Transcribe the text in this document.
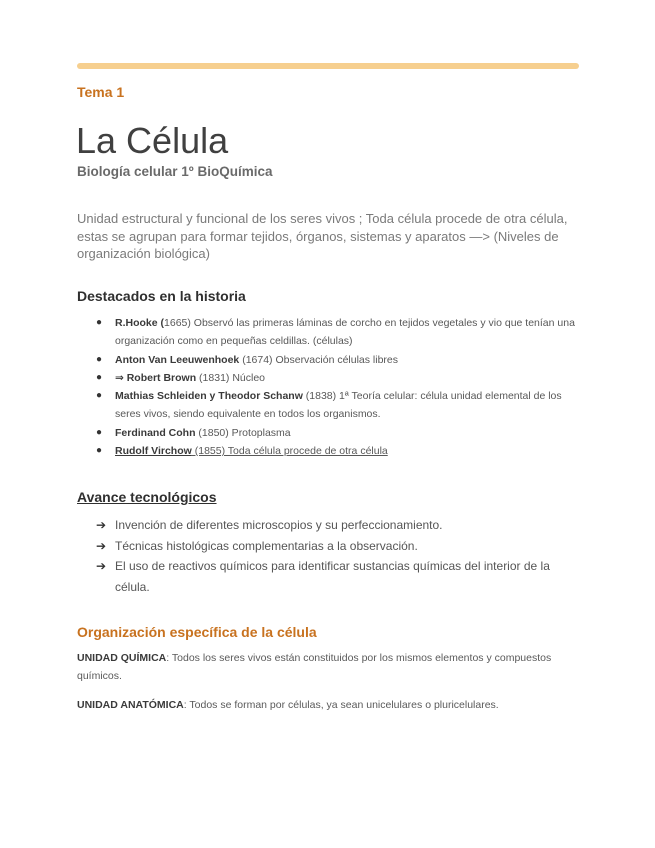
Tema 1
La Célula
Biología celular 1º BioQuímica

Unidad estructural y funcional de los seres vivos ; Toda célula procede de otra célula, estas se agrupan para formar tejidos, órganos, sistemas y aparatos —> (Niveles de organización biológica)

Destacados en la historia
● R.Hooke (1665) Observó las primeras láminas de corcho en tejidos vegetales y vio que tenían una organización como en pequeñas celdillas. (células)
● Anton Van Leeuwenhoek (1674) Observación células libres
● ⇒ Robert Brown (1831) Núcleo
● Mathias Schleiden y Theodor Schanw (1838) 1ª Teoría celular: célula unidad elemental de los seres vivos, siendo equivalente en todos los organismos.
● Ferdinand Cohn (1850) Protoplasma
● Rudolf Virchow (1855) Toda célula procede de otra célula
Avance tecnológicos
➔ Invención de diferentes microscopios y su perfeccionamiento.
➔ Técnicas histológicas complementarias a la observación.
➔ El uso de reactivos químicos para identificar sustancias químicas del interior de la célula.
Organización específica de la célula

UNIDAD QUÍMICA: Todos los seres vivos están constituidos por los mismos elementos y compuestos químicos.

UNIDAD ANATÓMICA: Todos se forman por células, ya sean unicelulares o pluricelulares.
